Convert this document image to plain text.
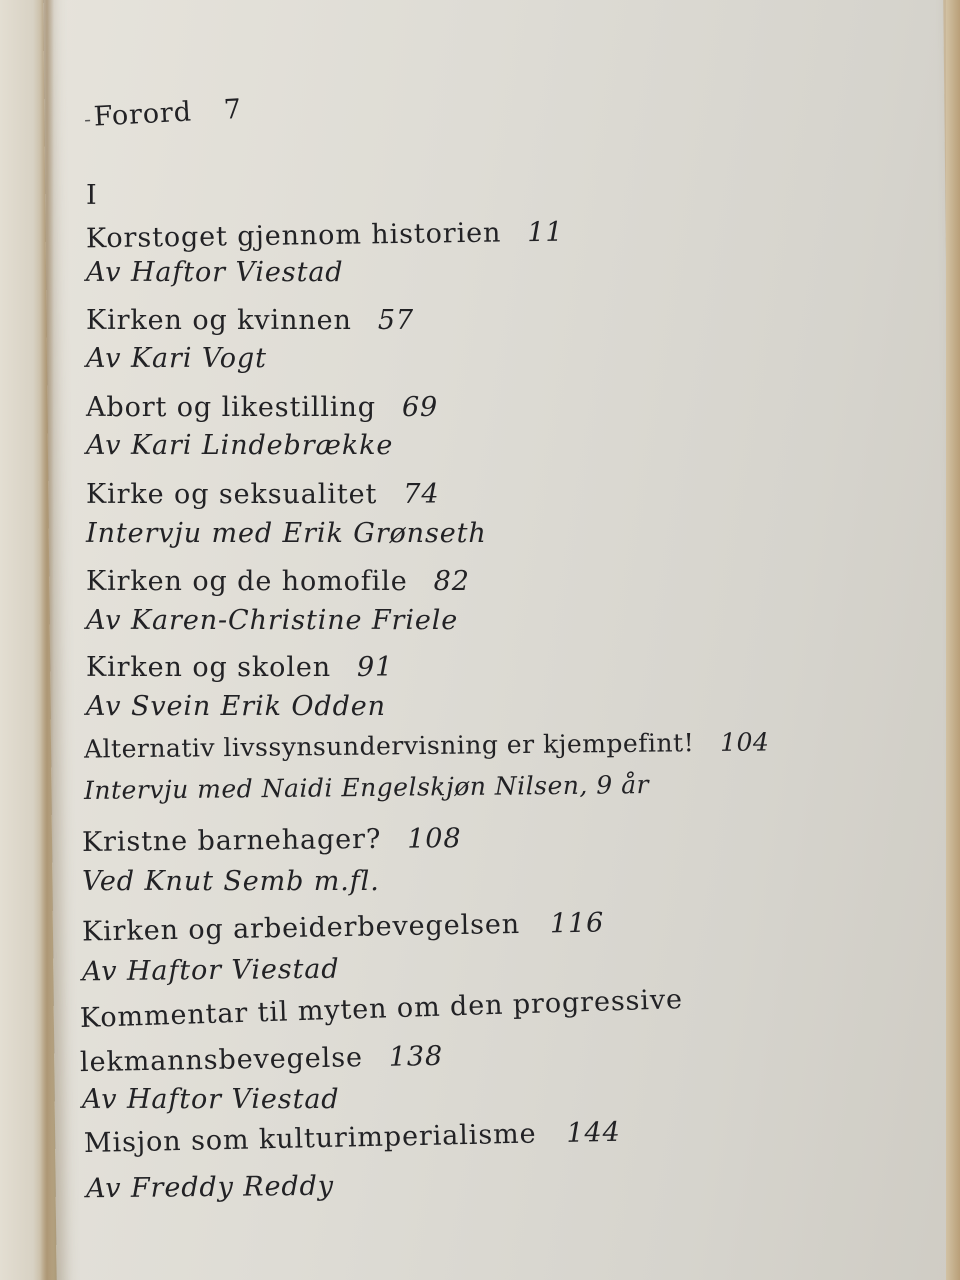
-Forord 7
I
Korstoget gjennom historien 11
Av Haftor Viestad
Kirken og kvinnen 57
Av Kari Vogt
Abort og likestilling 69
Av Kari Lindebrække
Kirke og seksualitet 74
Intervju med Erik Grønseth
Kirken og de homofile 82
Av Karen-Christine Friele
Kirken og skolen 91
Av Svein Erik Odden
Alternativ livssynsundervisning er kjempefint! 104
Intervju med Naidi Engelskjøn Nilsen, 9 år
Kristne barnehager? 108
Ved Knut Semb m.fl.
Kirken og arbeiderbevegelsen 116
Av Haftor Viestad
Kommentar til myten om den progressive
lekmannsbevegelse 138
Av Haftor Viestad
Misjon som kulturimperialisme 144
Av Freddy Reddy
